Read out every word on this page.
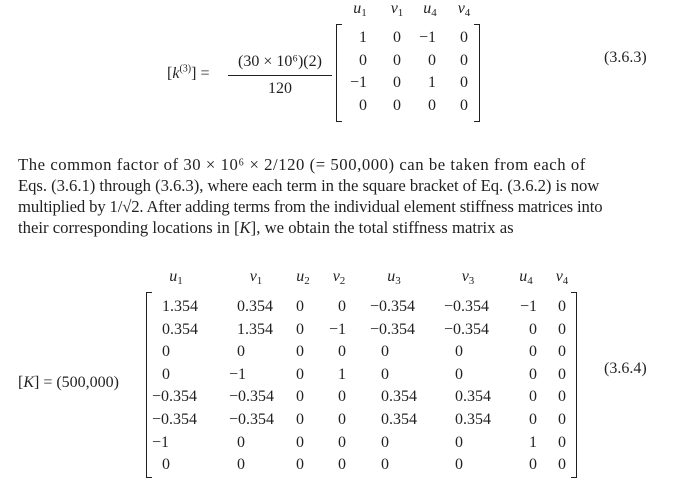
$[k^{(3)}]$ =
(30 × 10⁶)(2)
120
u1	v1	u4	v4
1	0	−1	0
0	0	0	0
−1	0	1	0
0	0	0	0
(3.6.3)
The common factor of 30 × 10⁶ × 2/120 (= 500,000) can be taken from each of
Eqs. (3.6.1) through (3.6.3), where each term in the square bracket of Eq. (3.6.2) is now
multiplied by 1/√2. After adding terms from the individual element stiffness matrices into
their corresponding locations in [K], we obtain the total stiffness matrix as
[K] = (500,000)
u1	v1	u2	v2	u3	v3	u4	v4
1.354	0.354	0	0 −0.354	−0.354	−1 0
0.354	1.354	0	−1 −0.354	−0.354	0 0
0	0	0	0 0	0	0 0
0	−1	0	1 0	0	0 0
−0.354	−0.354	0	0 0.354	0.354	0 0
−0.354	−0.354	0	0 0.354	0.354	0 0
−1	0	0	0 0	0	1 0
0	0	0	0 0	0	0 0
(3.6.4)
